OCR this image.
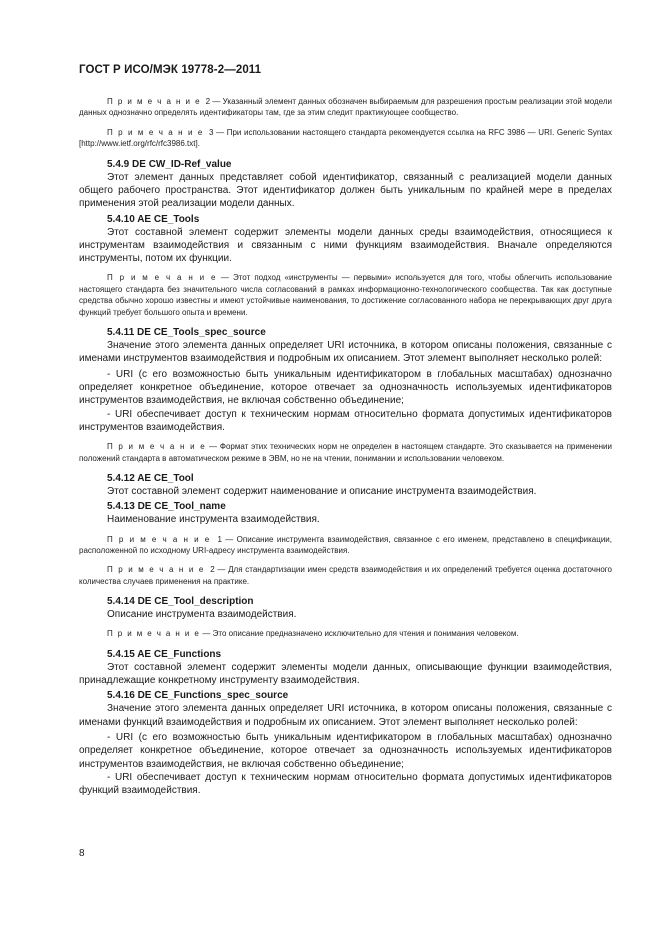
ГОСТ Р ИСО/МЭК 19778-2—2011

П р и м е ч а н и е 2 — Указанный элемент данных обозначен выбираемым для разрешения простым реализации этой модели данных однозначно определять идентификаторы там, где за этим следит практикующее сообщество.

П р и м е ч а н и е 3 — При использовании настоящего стандарта рекомендуется ссылка на RFC 3986 — URI. Generic Syntax [http://www.ietf.org/rfc/rfc3986.txt].

5.4.9 DE CW_ID-Ref_value

Этот элемент данных представляет собой идентификатор, связанный с реализацией модели данных общего рабочего пространства. Этот идентификатор должен быть уникальным по крайней мере в пределах применения этой реализации модели данных.

5.4.10 AE CE_Tools

Этот составной элемент содержит элементы модели данных среды взаимодействия, относящиеся к инструментам взаимодействия и связанным с ними функциям взаимодействия. Вначале определяются инструменты, потом их функции.

П р и м е ч а н и е — Этот подход «инструменты — первыми» используется для того, чтобы облегчить использование настоящего стандарта без значительного числа согласований в рамках информационно-технологического сообщества. Так как доступные средства обычно хорошо известны и имеют устойчивые наименования, то достижение согласованного набора не перекрывающих друг друга функций требует большого опыта и времени.

5.4.11 DE CE_Tools_spec_source

Значение этого элемента данных определяет URI источника, в котором описаны положения, связанные с именами инструментов взаимодействия и подробным их описанием. Этот элемент выполняет несколько ролей:

- URI (с его возможностью быть уникальным идентификатором в глобальных масштабах) однозначно определяет конкретное объединение, которое отвечает за однозначность используемых идентификаторов инструментов взаимодействия, не включая собственно объединение;

- URI обеспечивает доступ к техническим нормам относительно формата допустимых идентификаторов инструментов взаимодействия.

П р и м е ч а н и е — Формат этих технических норм не определен в настоящем стандарте. Это сказывается на применении положений стандарта в автоматическом режиме в ЭВМ, но не на чтении, понимании и использовании человеком.

5.4.12 AE CE_Tool

Этот составной элемент содержит наименование и описание инструмента взаимодействия.

5.4.13 DE CE_Tool_name

Наименование инструмента взаимодействия.

П р и м е ч а н и е 1 — Описание инструмента взаимодействия, связанное с его именем, представлено в спецификации, расположенной по исходному URI-адресу инструмента взаимодействия.

П р и м е ч а н и е 2 — Для стандартизации имен средств взаимодействия и их определений требуется оценка достаточного количества случаев применения на практике.

5.4.14 DE CE_Tool_description

Описание инструмента взаимодействия.

П р и м е ч а н и е — Это описание предназначено исключительно для чтения и понимания человеком.

5.4.15 AE CE_Functions

Этот составной элемент содержит элементы модели данных, описывающие функции взаимодействия, принадлежащие конкретному инструменту взаимодействия.

5.4.16 DE CE_Functions_spec_source

Значение этого элемента данных определяет URI источника, в котором описаны положения, связанные с именами функций взаимодействия и подробным их описанием. Этот элемент выполняет несколько ролей:

- URI (с его возможностью быть уникальным идентификатором в глобальных масштабах) однозначно определяет конкретное объединение, которое отвечает за однозначность используемых идентификаторов инструментов взаимодействия, не включая собственно объединение;

- URI обеспечивает доступ к техническим нормам относительно формата допустимых идентификаторов функций взаимодействия.

8
